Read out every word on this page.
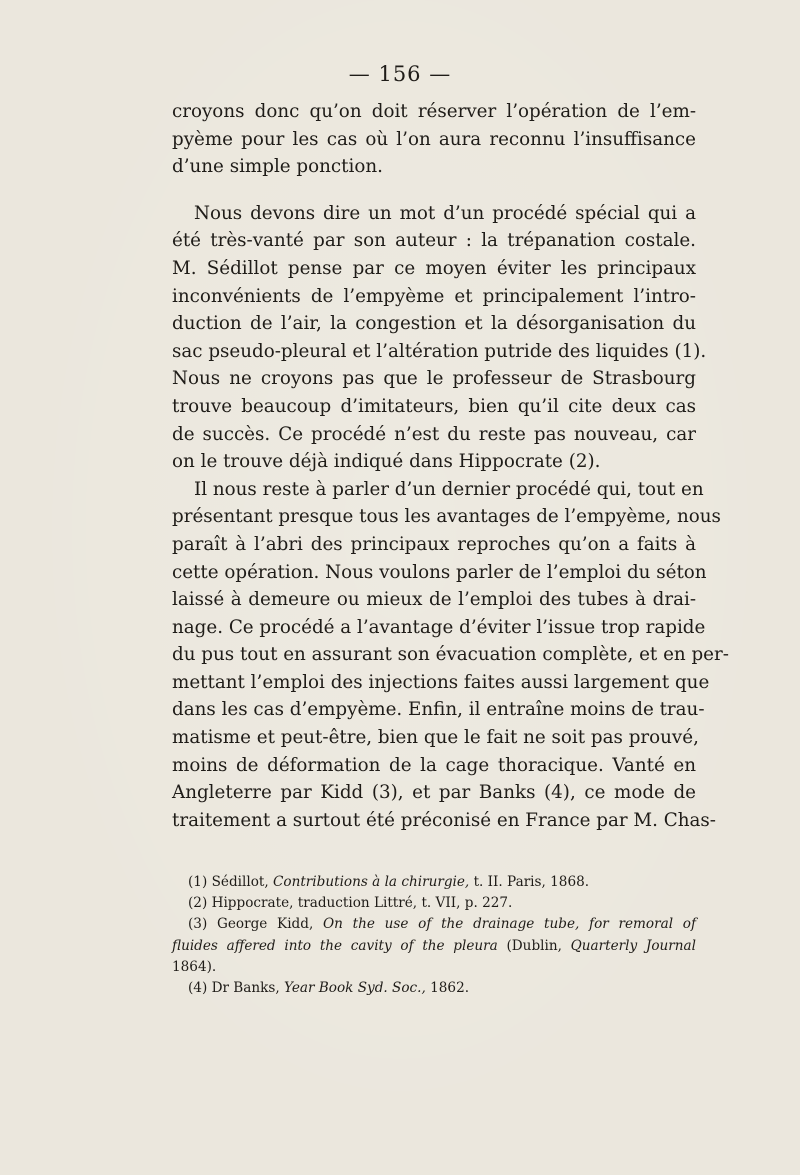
— 156 —
croyons donc qu’on doit réserver l’opération de l’em-
pyème pour les cas où l’on aura reconnu l’insuffisance
d’une simple ponction.
Nous devons dire un mot d’un procédé spécial qui a
été très-vanté par son auteur : la trépanation costale.
M. Sédillot pense par ce moyen éviter les principaux
inconvénients de l’empyème et principalement l’intro-
duction de l’air, la congestion et la désorganisation du
sac pseudo-pleural et l’altération putride des liquides (1).
Nous ne croyons pas que le professeur de Strasbourg
trouve beaucoup d’imitateurs, bien qu’il cite deux cas
de succès. Ce procédé n’est du reste pas nouveau, car
on le trouve déjà indiqué dans Hippocrate (2).
Il nous reste à parler d’un dernier procédé qui, tout en
présentant presque tous les avantages de l’empyème, nous
paraît à l’abri des principaux reproches qu’on a faits à
cette opération. Nous voulons parler de l’emploi du séton
laissé à demeure ou mieux de l’emploi des tubes à drai-
nage. Ce procédé a l’avantage d’éviter l’issue trop rapide
du pus tout en assurant son évacuation complète, et en per-
mettant l’emploi des injections faites aussi largement que
dans les cas d’empyème. Enfin, il entraîne moins de trau-
matisme et peut-être, bien que le fait ne soit pas prouvé,
moins de déformation de la cage thoracique. Vanté en
Angleterre par Kidd (3), et par Banks (4), ce mode de
traitement a surtout été préconisé en France par M. Chas-
(1) Sédillot, Contributions à la chirurgie, t. II. Paris, 1868.
(2) Hippocrate, traduction Littré, t. VII, p. 227.
(3) George Kidd, On the use of the drainage tube, for remoral of
fluides affered into the cavity of the pleura (Dublin, Quarterly Journal
1864).
(4) Dr Banks, Year Book Syd. Soc., 1862.
